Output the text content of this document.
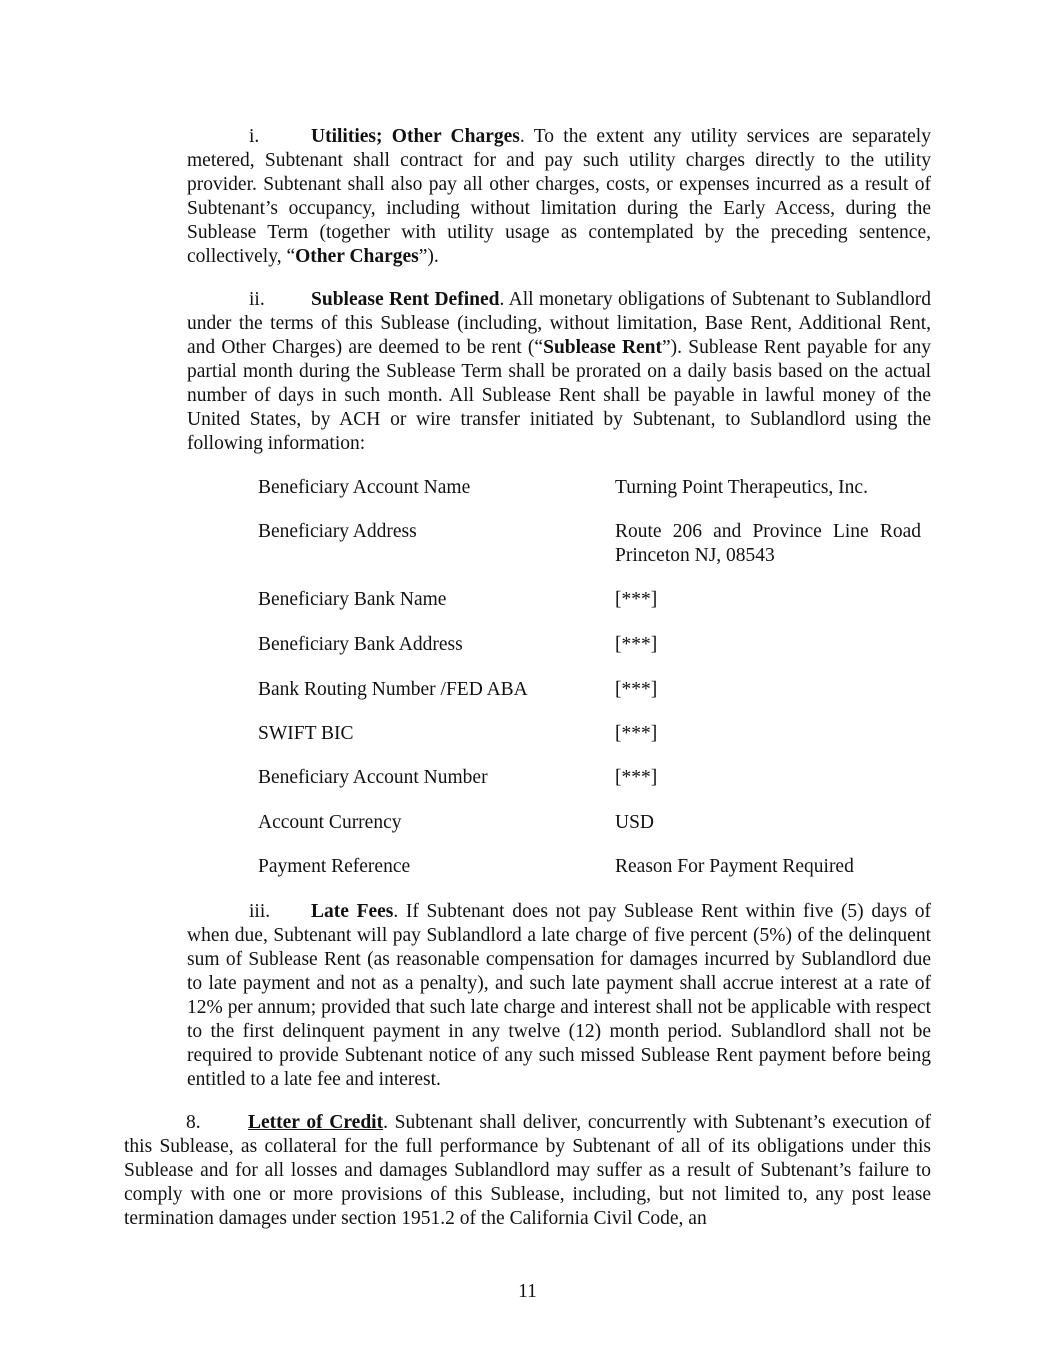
i.	Utilities; Other Charges. To the extent any utility services are separately metered, Subtenant shall contract for and pay such utility charges directly to the utility provider. Subtenant shall also pay all other charges, costs, or expenses incurred as a result of Subtenant’s occupancy, including without limitation during the Early Access, during the Sublease Term (together with utility usage as contemplated by the preceding sentence, collectively, “Other Charges”).

ii. Sublease Rent Defined. All monetary obligations of Subtenant to Sublandlord under the terms of this Sublease (including, without limitation, Base Rent, Additional Rent, and Other Charges) are deemed to be rent (“Sublease Rent”). Sublease Rent payable for any partial month during the Sublease Term shall be prorated on a daily basis based on the actual number of days in such month. All Sublease Rent shall be payable in lawful money of the United States, by ACH or wire transfer initiated by Subtenant, to Sublandlord using the following information:

Beneficiary Account Name	Turning Point Therapeutics, Inc.
Beneficiary Address	Route 206 and Province Line Road
Princeton NJ, 08543
Beneficiary Bank Name	[***]
Beneficiary Bank Address	[***]
Bank Routing Number /FED ABA	[***]
SWIFT BIC	[***]
Beneficiary Account Number	[***]
Account Currency	USD
Payment Reference	Reason For Payment Required

iii. Late Fees. If Subtenant does not pay Sublease Rent within five (5) days of when due, Subtenant will pay Sublandlord a late charge of five percent (5%) of the delinquent sum of Sublease Rent (as reasonable compensation for damages incurred by Sublandlord due to late payment and not as a penalty), and such late payment shall accrue interest at a rate of 12% per annum; provided that such late charge and interest shall not be applicable with respect to the first delinquent payment in any twelve (12) month period. Sublandlord shall not be required to provide Subtenant notice of any such missed Sublease Rent payment before being entitled to a late fee and interest.

8. Letter of Credit. Subtenant shall deliver, concurrently with Subtenant’s execution of this Sublease, as collateral for the full performance by Subtenant of all of its obligations under this Sublease and for all losses and damages Sublandlord may suffer as a result of Subtenant’s failure to comply with one or more provisions of this Sublease, including, but not limited to, any post lease termination damages under section 1951.2 of the California Civil Code, an

11
